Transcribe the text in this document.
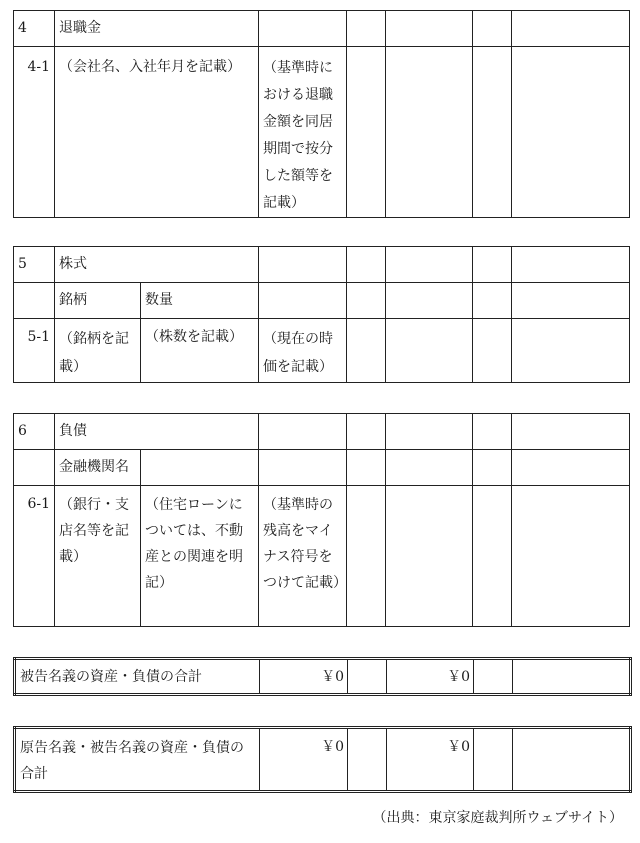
4	退職金					
4-1	（会社名、入社年月を記載）	（基準時における退職金額を同居期間で按分した額等を記載）				
5	株式						
	銘柄	数量					
5-1	（銘柄を記載）	（株数を記載）	（現在の時価を記載）				
6	負債						
	金融機関名						
6-1	（銀行・支店名等を記載）	（住宅ローンについては、不動産との関連を明記）	（基準時の残高をマイナス符号をつけて記載）				
被告名義の資産・負債の合計	￥0		￥0		
原告名義・被告名義の資産・負債の合計	￥0		￥0		
（出典：東京家庭裁判所ウェブサイト）
